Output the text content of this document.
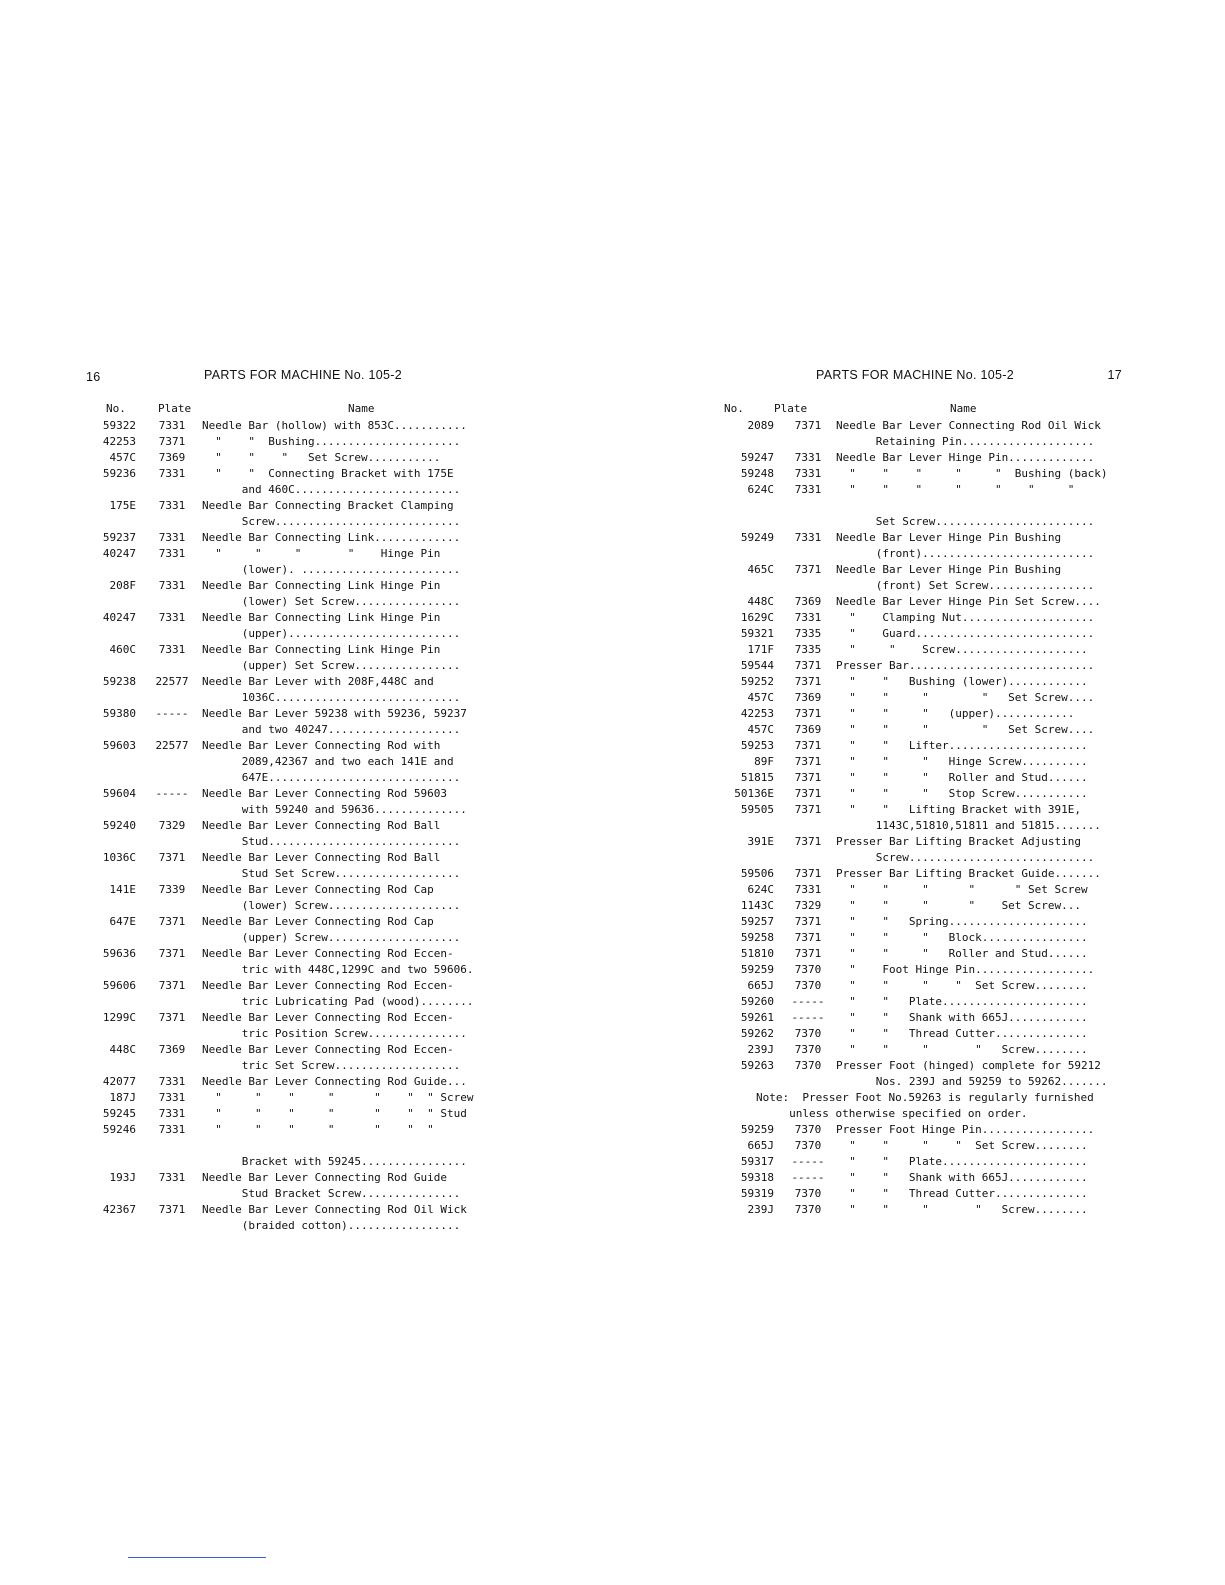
16	PARTS FOR MACHINE No. 105-2
No.	Plate	Name
59322	7331	Needle Bar (hollow) with 853C...........
42253	7371	"    "  Bushing......................
457C	7369	"    "    "   Set Screw...........
59236	7331	"    "  Connecting Bracket with 175E
and 460C.........................
175E	7331	Needle Bar Connecting Bracket Clamping
Screw............................
59237	7331	Needle Bar Connecting Link.............
40247	7331	"     "     "       "    Hinge Pin
(lower). ........................
208F	7331	Needle Bar Connecting Link Hinge Pin
(lower) Set Screw................
40247	7331	Needle Bar Connecting Link Hinge Pin
(upper)..........................
460C	7331	Needle Bar Connecting Link Hinge Pin
(upper) Set Screw................
59238	22577	Needle Bar Lever with 208F,448C and
1036C............................
59380	-----	Needle Bar Lever 59238 with 59236, 59237
and two 40247....................
59603	22577	Needle Bar Lever Connecting Rod with
2089,42367 and two each 141E and
647E.............................
59604	-----	Needle Bar Lever Connecting Rod 59603
with 59240 and 59636..............
59240	7329	Needle Bar Lever Connecting Rod Ball
Stud.............................
1036C	7371	Needle Bar Lever Connecting Rod Ball
Stud Set Screw...................
141E	7339	Needle Bar Lever Connecting Rod Cap
(lower) Screw....................
647E	7371	Needle Bar Lever Connecting Rod Cap
(upper) Screw....................
59636	7371	Needle Bar Lever Connecting Rod Eccen-
tric with 448C,1299C and two 59606.
59606	7371	Needle Bar Lever Connecting Rod Eccen-
tric Lubricating Pad (wood)........
1299C	7371	Needle Bar Lever Connecting Rod Eccen-
tric Position Screw...............
448C	7369	Needle Bar Lever Connecting Rod Eccen-
tric Set Screw...................
42077	7331	Needle Bar Lever Connecting Rod Guide...
187J	7331	"     "    "     "      "    "  " Screw
59245	7331	"     "    "     "      "    "  " Stud
59246	7331	"     "    "     "      "    "  "

Bracket with 59245................
193J	7331	Needle Bar Lever Connecting Rod Guide
Stud Bracket Screw...............
42367	7371	Needle Bar Lever Connecting Rod Oil Wick
(braided cotton).................
PARTS FOR MACHINE No. 105-2	17
No.	Plate	Name
2089	7371	Needle Bar Lever Connecting Rod Oil Wick
Retaining Pin....................
59247	7331	Needle Bar Lever Hinge Pin.............
59248	7331	"    "    "     "     "  Bushing (back)
624C	7331	"    "    "     "     "    "     "

Set Screw........................
59249	7331	Needle Bar Lever Hinge Pin Bushing
(front)..........................
465C	7371	Needle Bar Lever Hinge Pin Bushing
(front) Set Screw................
448C	7369	Needle Bar Lever Hinge Pin Set Screw....
1629C	7331	"    Clamping Nut....................
59321	7335	"    Guard...........................
171F	7335	"     "    Screw....................
59544	7371	Presser Bar............................
59252	7371	"    "   Bushing (lower)............
457C	7369	"    "     "        "   Set Screw....
42253	7371	"    "     "   (upper)............
457C	7369	"    "     "        "   Set Screw....
59253	7371	"    "   Lifter.....................
89F	7371	"    "     "   Hinge Screw..........
51815	7371	"    "     "   Roller and Stud......
50136E	7371	"    "     "   Stop Screw...........
59505	7371	"    "   Lifting Bracket with 391E,
1143C,51810,51811 and 51815.......
391E	7371	Presser Bar Lifting Bracket Adjusting
Screw............................
59506	7371	Presser Bar Lifting Bracket Guide.......
624C	7331	"    "     "      "      " Set Screw
1143C	7329	"    "     "      "    Set Screw...
59257	7371	"    "   Spring.....................
59258	7371	"    "     "   Block................
51810	7371	"    "     "   Roller and Stud......
59259	7370	"    Foot Hinge Pin..................
665J	7370	"    "     "    "  Set Screw........
59260	-----	"    "   Plate......................
59261	-----	"    "   Shank with 665J............
59262	7370	"    "   Thread Cutter..............
239J	7370	"    "     "       "   Screw........
59263	7370	Presser Foot (hinged) complete for 59212
Nos. 239J and 59259 to 59262.......
Note:  Presser Foot No.59263 is regularly furnished
unless otherwise specified on order.
59259	7370	Presser Foot Hinge Pin.................
665J	7370	"    "     "    "  Set Screw........
59317	-----	"    "   Plate......................
59318	-----	"    "   Shank with 665J............
59319	7370	"    "   Thread Cutter..............
239J	7370	"    "     "       "   Screw........
